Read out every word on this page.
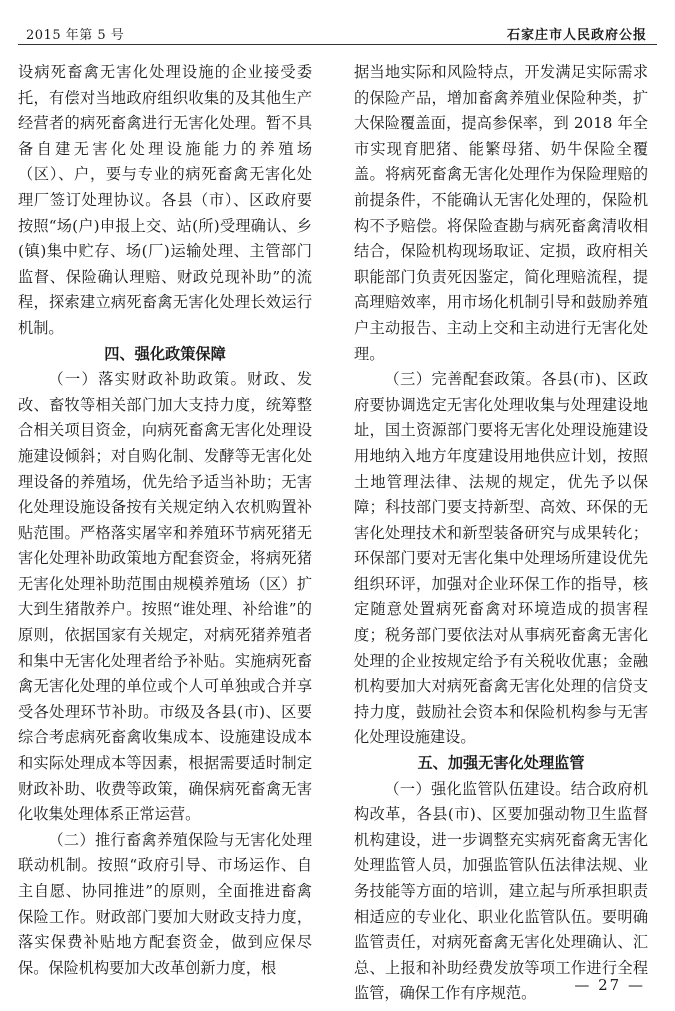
2015 年第 5 号	石家庄市人民政府公报

设病死畜禽无害化处理设施的企业接受委托，有偿对当地政府组织收集的及其他生产经营者的病死畜禽进行无害化处理。暂不具备自建无害化处理设施能力的养殖场（区）、户，要与专业的病死畜禽无害化处理厂签订处理协议。各县（市）、区政府要按照“场(户)申报上交、站(所)受理确认、乡(镇)集中贮存、场(厂)运输处理、主管部门监督、保险确认理赔、财政兑现补助”的流程，探索建立病死畜禽无害化处理长效运行机制。

四、强化政策保障

（一）落实财政补助政策。财政、发改、畜牧等相关部门加大支持力度，统筹整合相关项目资金，向病死畜禽无害化处理设施建设倾斜；对自购化制、发酵等无害化处理设备的养殖场，优先给予适当补助；无害化处理设施设备按有关规定纳入农机购置补贴范围。严格落实屠宰和养殖环节病死猪无害化处理补助政策地方配套资金，将病死猪无害化处理补助范围由规模养殖场（区）扩大到生猪散养户。按照“谁处理、补给谁”的原则，依据国家有关规定，对病死猪养殖者和集中无害化处理者给予补贴。实施病死畜禽无害化处理的单位或个人可单独或合并享受各处理环节补助。市级及各县(市)、区要综合考虑病死畜禽收集成本、设施建设成本和实际处理成本等因素，根据需要适时制定财政补助、收费等政策，确保病死畜禽无害化收集处理体系正常运营。

（二）推行畜禽养殖保险与无害化处理联动机制。按照“政府引导、市场运作、自主自愿、协同推进”的原则，全面推进畜禽保险工作。财政部门要加大财政支持力度，落实保费补贴地方配套资金，做到应保尽保。保险机构要加大改革创新力度，根

据当地实际和风险特点，开发满足实际需求的保险产品，增加畜禽养殖业保险种类，扩大保险覆盖面，提高参保率，到 2018 年全市实现育肥猪、能繁母猪、奶牛保险全覆盖。将病死畜禽无害化处理作为保险理赔的前提条件，不能确认无害化处理的，保险机构不予赔偿。将保险查勘与病死畜禽清收相结合，保险机构现场取证、定损，政府相关职能部门负责死因鉴定，简化理赔流程，提高理赔效率，用市场化机制引导和鼓励养殖户主动报告、主动上交和主动进行无害化处理。

（三）完善配套政策。各县(市)、区政府要协调选定无害化处理收集与处理建设地址，国土资源部门要将无害化处理设施建设用地纳入地方年度建设用地供应计划，按照土地管理法律、法规的规定，优先予以保障；科技部门要支持新型、高效、环保的无害化处理技术和新型装备研究与成果转化；环保部门要对无害化集中处理场所建设优先组织环评，加强对企业环保工作的指导，核定随意处置病死畜禽对环境造成的损害程度；税务部门要依法对从事病死畜禽无害化处理的企业按规定给予有关税收优惠；金融机构要加大对病死畜禽无害化处理的信贷支持力度，鼓励社会资本和保险机构参与无害化处理设施建设。

五、加强无害化处理监管

（一）强化监管队伍建设。结合政府机构改革，各县(市)、区要加强动物卫生监督机构建设，进一步调整充实病死畜禽无害化处理监管人员，加强监管队伍法律法规、业务技能等方面的培训，建立起与所承担职责相适应的专业化、职业化监管队伍。要明确监管责任，对病死畜禽无害化处理确认、汇总、上报和补助经费发放等项工作进行全程监管，确保工作有序规范。	— 27 —
